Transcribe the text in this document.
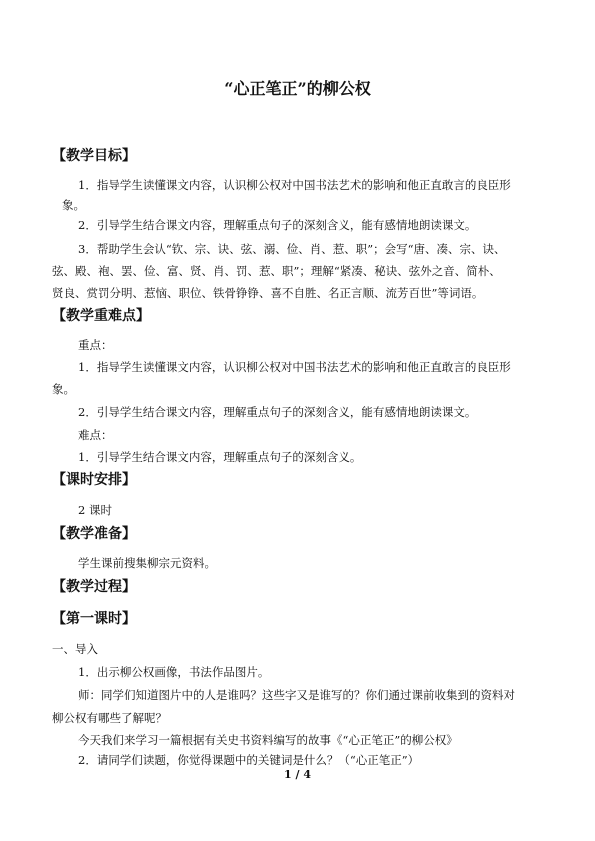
“心正笔正”的柳公权
【教学目标】
1．指导学生读懂课文内容，认识柳公权对中国书法艺术的影响和他正直敢言的良臣形
象。
2．引导学生结合课文内容，理解重点句子的深刻含义，能有感情地朗读课文。
3．帮助学生会认“钦、宗、诀、弦、溺、俭、肖、惹、职”；会写“唐、凑、宗、诀、
弦、殿、袍、罢、俭、富、贤、肖、罚、惹、职”；理解“紧凑、秘诀、弦外之音、简朴、
贤良、赏罚分明、惹恼、职位、铁骨铮铮、喜不自胜、名正言顺、流芳百世”等词语。
【教学重难点】
重点：
1．指导学生读懂课文内容，认识柳公权对中国书法艺术的影响和他正直敢言的良臣形
象。
2．引导学生结合课文内容，理解重点句子的深刻含义，能有感情地朗读课文。
难点：
1．引导学生结合课文内容，理解重点句子的深刻含义。
【课时安排】
2 课时
【教学准备】
学生课前搜集柳宗元资料。
【教学过程】
【第一课时】
一、导入
1．出示柳公权画像，书法作品图片。
师：同学们知道图片中的人是谁吗？这些字又是谁写的？你们通过课前收集到的资料对
柳公权有哪些了解呢？
今天我们来学习一篇根据有关史书资料编写的故事《“心正笔正”的柳公权》
2．请同学们读题，你觉得课题中的关键词是什么？（“心正笔正”）
1 / 4
